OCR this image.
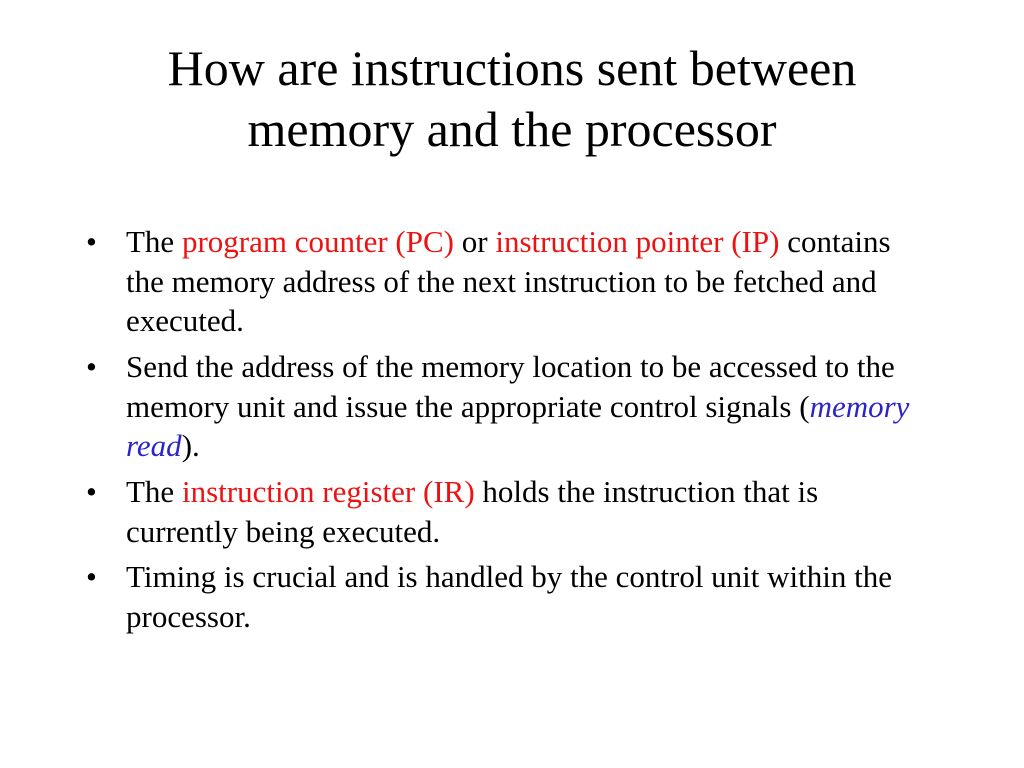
How are instructions sent between
memory and the processor
• The program counter (PC) or instruction pointer (IP) contains the memory address of the next instruction to be fetched and executed.
• Send the address of the memory location to be accessed to the memory unit and issue the appropriate control signals (memory read).
• The instruction register (IR) holds the instruction that is currently being executed.
• Timing is crucial and is handled by the control unit within the processor.
